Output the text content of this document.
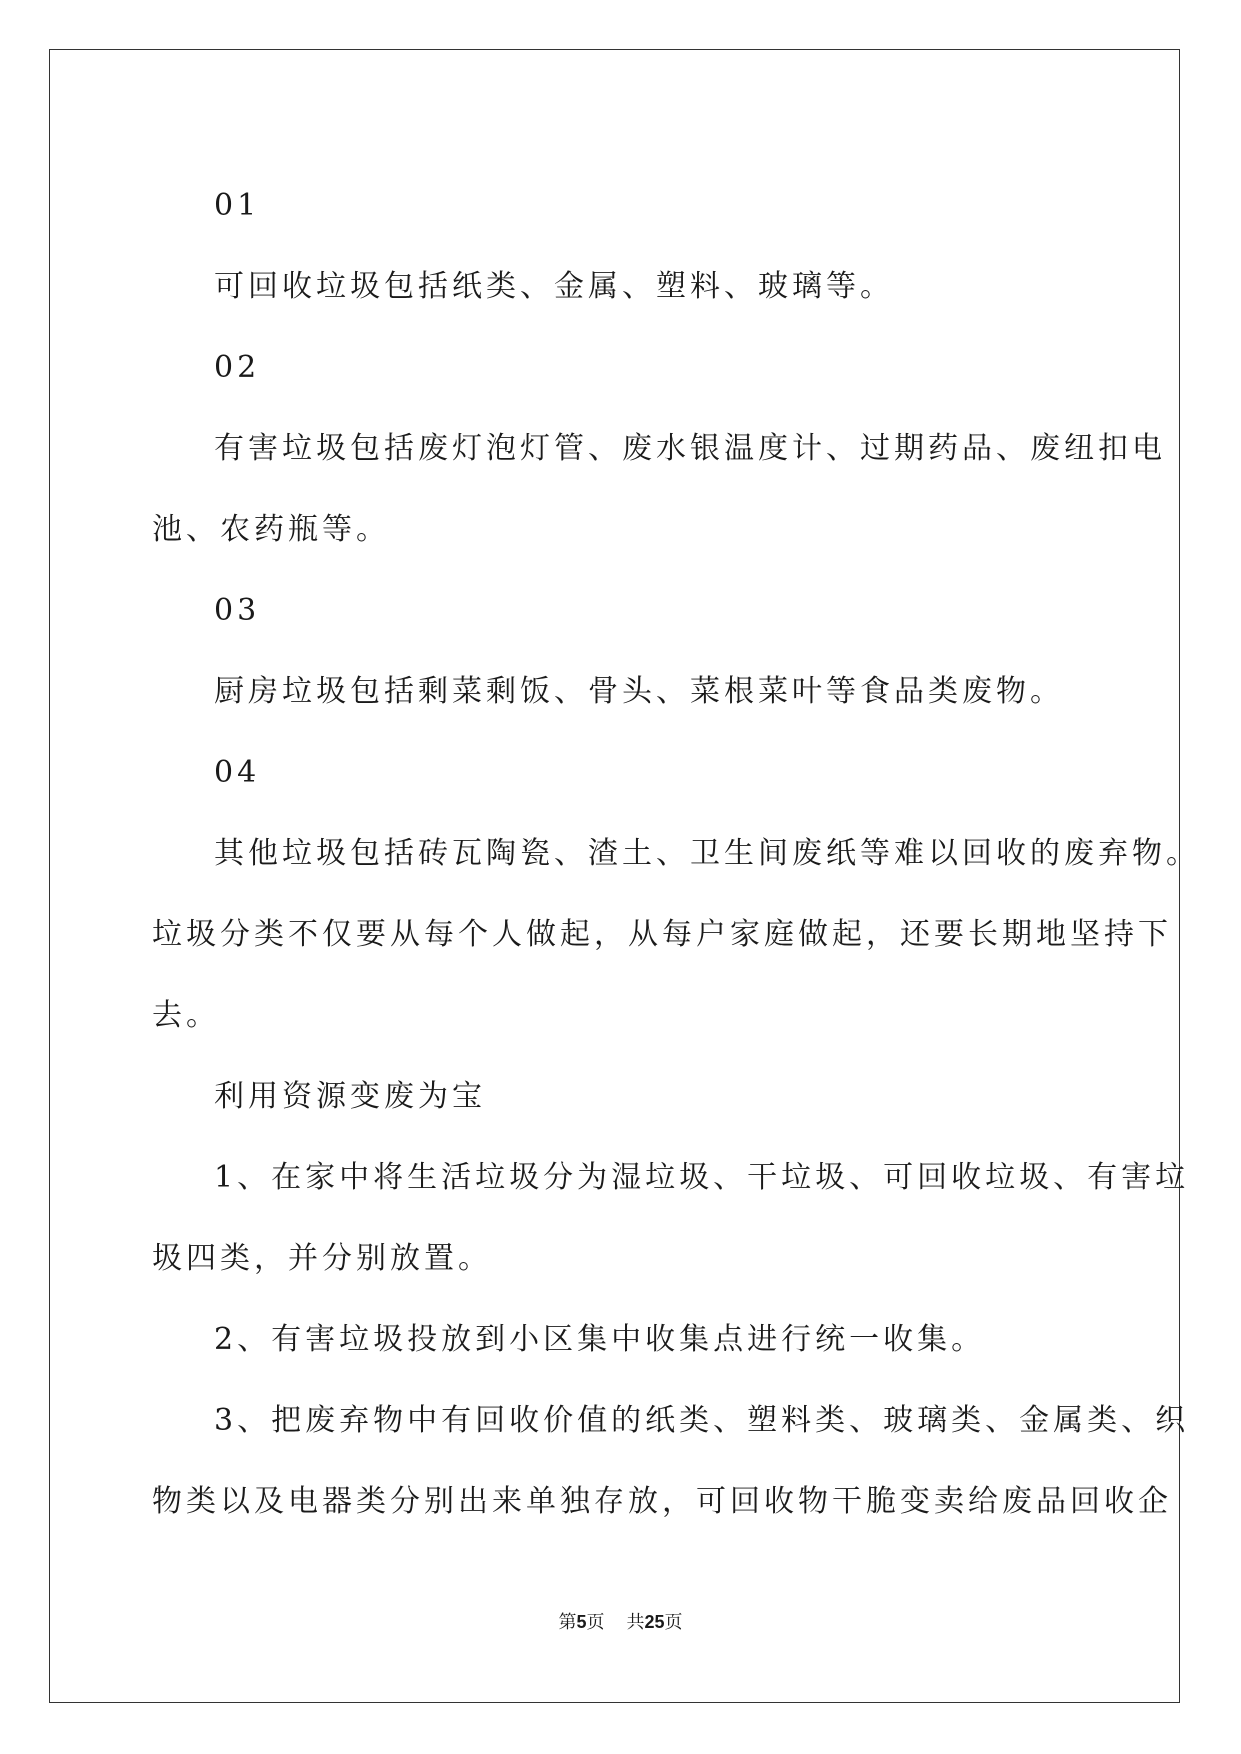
01

可回收垃圾包括纸类、金属、塑料、玻璃等。

02

有害垃圾包括废灯泡灯管、废水银温度计、过期药品、废纽扣电

池、农药瓶等。

03

厨房垃圾包括剩菜剩饭、骨头、菜根菜叶等食品类废物。

04

其他垃圾包括砖瓦陶瓷、渣土、卫生间废纸等难以回收的废弃物。

垃圾分类不仅要从每个人做起，从每户家庭做起，还要长期地坚持下

去。

利用资源变废为宝

1、在家中将生活垃圾分为湿垃圾、干垃圾、可回收垃圾、有害垃

圾四类，并分别放置。

2、有害垃圾投放到小区集中收集点进行统一收集。

3、把废弃物中有回收价值的纸类、塑料类、玻璃类、金属类、织

物类以及电器类分别出来单独存放，可回收物干脆变卖给废品回收企

第5页 共25页
